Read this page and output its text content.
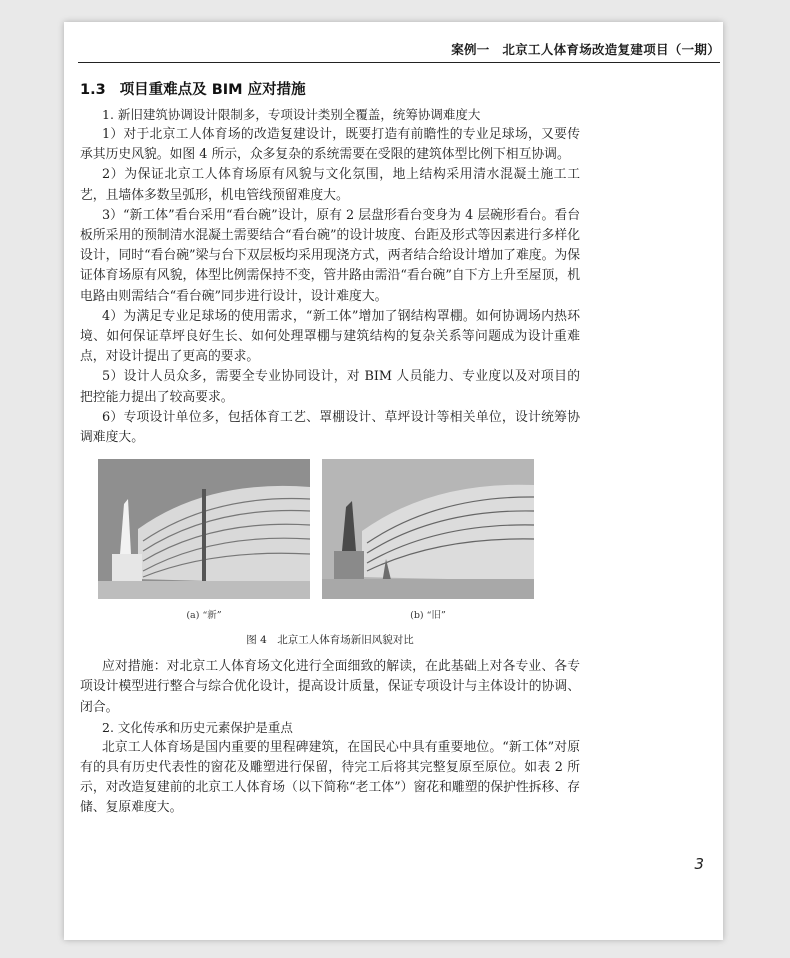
案例一　北京工人体育场改造复建项目（一期）
1.3 项目重难点及 BIM 应对措施

1. 新旧建筑协调设计限制多，专项设计类别全覆盖，统筹协调难度大

1）对于北京工人体育场的改造复建设计，既要打造有前瞻性的专业足球场，又要传承其历史风貌。如图 4 所示，众多复杂的系统需要在受限的建筑体型比例下相互协调。

2）为保证北京工人体育场原有风貌与文化氛围，地上结构采用清水混凝土施工工艺，且墙体多数呈弧形，机电管线预留难度大。

3）“新工体”看台采用“看台碗”设计，原有 2 层盘形看台变身为 4 层碗形看台。看台板所采用的预制清水混凝土需要结合“看台碗”的设计坡度、台距及形式等因素进行多样化设计，同时“看台碗”梁与台下双层板均采用现浇方式，两者结合给设计增加了难度。为保证体育场原有风貌，体型比例需保持不变，管井路由需沿“看台碗”自下方上升至屋顶，机电路由则需结合“看台碗”同步进行设计，设计难度大。

4）为满足专业足球场的使用需求，“新工体”增加了钢结构罩棚。如何协调场内热环境、如何保证草坪良好生长、如何处理罩棚与建筑结构的复杂关系等问题成为设计重难点，对设计提出了更高的要求。

5）设计人员众多，需要全专业协同设计，对 BIM 人员能力、专业度以及对项目的把控能力提出了较高要求。

6）专项设计单位多，包括体育工艺、罩棚设计、草坪设计等相关单位，设计统筹协调难度大。

(a) “新”	(b) “旧”
图 4　北京工人体育场新旧风貌对比

应对措施：对北京工人体育场文化进行全面细致的解读，在此基础上对各专业、各专项设计模型进行整合与综合优化设计，提高设计质量，保证专项设计与主体设计的协调、闭合。

2. 文化传承和历史元素保护是重点

北京工人体育场是国内重要的里程碑建筑，在国民心中具有重要地位。“新工体”对原有的具有历史代表性的窗花及雕塑进行保留，待完工后将其完整复原至原位。如表 2 所示，对改造复建前的北京工人体育场（以下简称“老工体”）窗花和雕塑的保护性拆移、存储、复原难度大。

3
